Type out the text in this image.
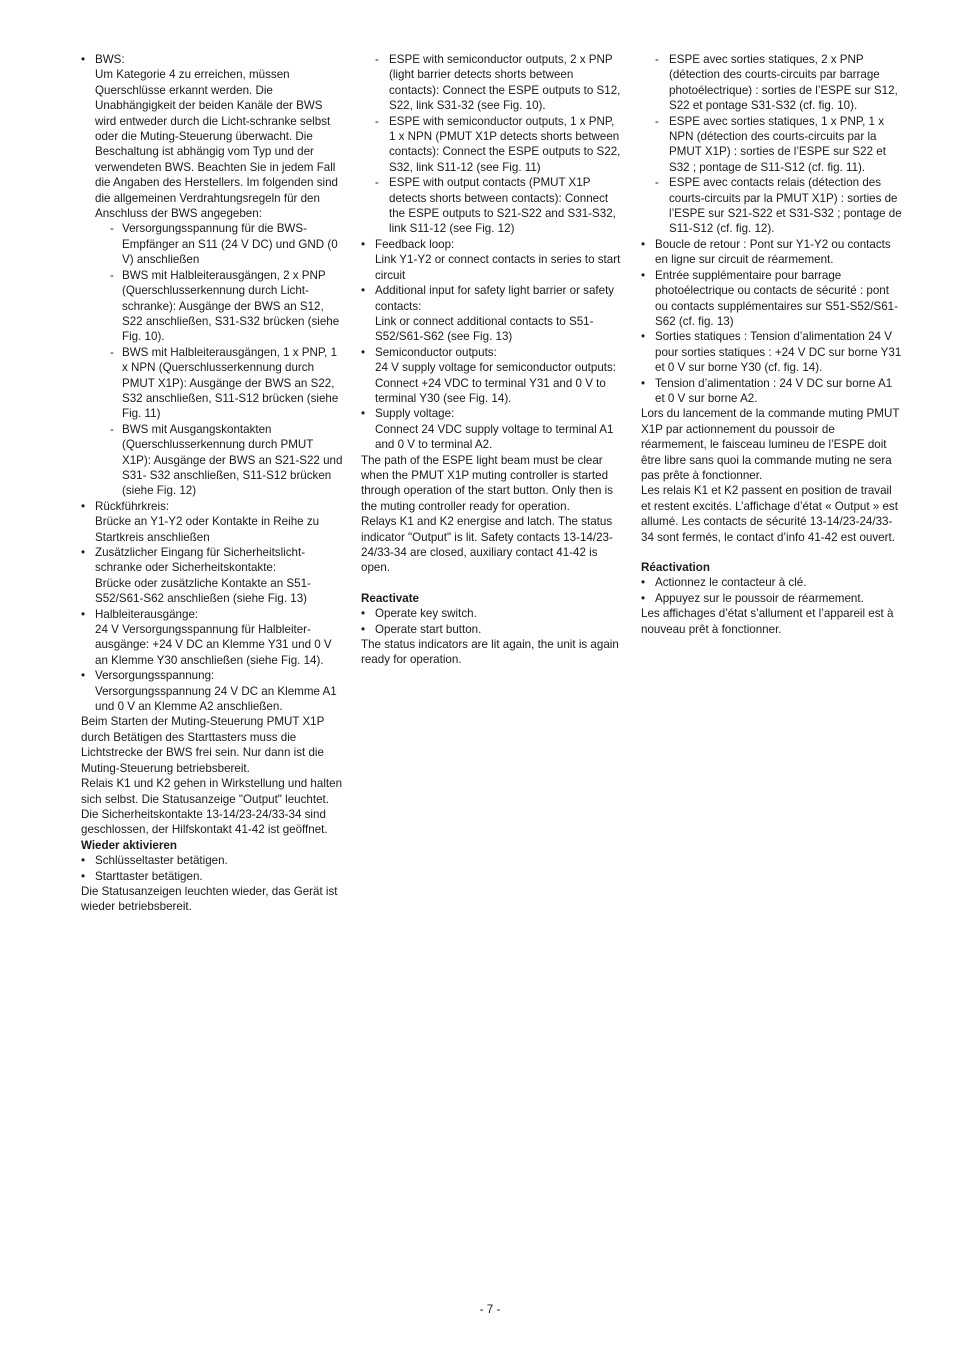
• BWS:

Um Kategorie 4 zu erreichen, müssen Querschlüsse erkannt werden. Die Unabhängigkeit der beiden Kanäle der BWS wird entweder durch die Licht-schranke selbst oder die Muting-Steuerung überwacht. Die Beschaltung ist abhängig vom Typ und der verwendeten BWS. Beachten Sie in jedem Fall die Angaben des Herstellers. Im folgenden sind die allgemeinen Verdrahtungsregeln für den Anschluss der BWS angegeben:

- Versorgungsspannung für die BWS-Empfänger an S11 (24 V DC) und GND (0 V) anschließen

- BWS mit Halbleiterausgängen, 2 x PNP (Querschlusserkennung durch Licht-schranke): Ausgänge der BWS an S12, S22 anschließen, S31-S32 brücken (siehe Fig. 10).

- BWS mit Halbleiterausgängen, 1 x PNP, 1 x NPN (Querschlusserkennung durch PMUT X1P): Ausgänge der BWS an S22, S32 anschließen, S11-S12 brücken (siehe Fig. 11)

- BWS mit Ausgangskontakten (Querschlusserkennung durch PMUT X1P): Ausgänge der BWS an S21-S22 und S31- S32 anschließen, S11-S12 brücken (siehe Fig. 12)

• Rückführkreis:

Brücke an Y1-Y2 oder Kontakte in Reihe zu Startkreis anschließen

• Zusätzlicher Eingang für Sicherheitslicht-schranke oder Sicherheitskontakte:

Brücke oder zusätzliche Kontakte an S51-S52/S61-S62 anschließen (siehe Fig. 13)

• Halbleiterausgänge:

24 V Versorgungsspannung für Halbleiter-ausgänge: +24 V DC an Klemme Y31 und 0 V an Klemme Y30 anschließen (siehe Fig. 14).

• Versorgungsspannung:

Versorgungsspannung 24 V DC an Klemme A1 und 0 V an Klemme A2 anschließen.

Beim Starten der Muting-Steuerung PMUT X1P durch Betätigen des Starttasters muss die Lichtstrecke der BWS frei sein. Nur dann ist die Muting-Steuerung betriebsbereit.

Relais K1 und K2 gehen in Wirkstellung und halten sich selbst. Die Statusanzeige "Output" leuchtet. Die Sicherheitskontakte 13-14/23-24/33-34 sind geschlossen, der Hilfskontakt 41-42 ist geöffnet.

Wieder aktivieren

• Schlüsseltaster betätigen.

• Starttaster betätigen.

Die Statusanzeigen leuchten wieder, das Gerät ist wieder betriebsbereit.

- ESPE with semiconductor outputs, 2 x PNP (light barrier detects shorts between contacts): Connect the ESPE outputs to S12, S22, link S31-32 (see Fig. 10).

- ESPE with semiconductor outputs, 1 x PNP, 1 x NPN (PMUT X1P detects shorts between contacts): Connect the ESPE outputs to S22, S32, link S11-12 (see Fig. 11)

- ESPE with output contacts (PMUT X1P detects shorts between contacts): Connect the ESPE outputs to S21-S22 and S31-S32, link S11-12 (see Fig. 12)

• Feedback loop:

Link Y1-Y2 or connect contacts in series to start circuit

• Additional input for safety light barrier or safety contacts:

Link or connect additional contacts to S51-S52/S61-S62 (see Fig. 13)

• Semiconductor outputs:

24 V supply voltage for semiconductor outputs: Connect +24 VDC to terminal Y31 and 0 V to terminal Y30 (see Fig. 14).

• Supply voltage:

Connect 24 VDC supply voltage to terminal A1 and 0 V to terminal A2.

The path of the ESPE light beam must be clear when the PMUT X1P muting controller is started through operation of the start button. Only then is the muting controller ready for operation.

Relays K1 and K2 energise and latch. The status indicator "Output" is lit. Safety contacts 13-14/23-24/33-34 are closed, auxiliary contact 41-42 is open.

Reactivate

• Operate key switch.

• Operate start button.

The status indicators are lit again, the unit is again ready for operation.

- ESPE avec sorties statiques, 2 x PNP (détection des courts-circuits par barrage photoélectrique) : sorties de l’ESPE sur S12, S22 et pontage S31-S32 (cf. fig. 10).

- ESPE avec sorties statiques, 1 x PNP, 1 x NPN (détection des courts-circuits par la PMUT X1P) : sorties de l’ESPE sur S22 et S32 ; pontage de S11-S12 (cf. fig. 11).

- ESPE avec contacts relais (détection des courts-circuits par la PMUT X1P) : sorties de l’ESPE sur S21-S22 et S31-S32 ; pontage de S11-S12 (cf. fig. 12).

• Boucle de retour : Pont sur Y1-Y2 ou contacts en ligne sur circuit de réarmement.

• Entrée supplémentaire pour barrage photoélectrique ou contacts de sécurité : pont ou contacts supplémentaires sur S51-S52/S61-S62 (cf. fig. 13)

• Sorties statiques : Tension d’alimentation 24 V pour sorties statiques : +24 V DC sur borne Y31 et 0 V sur borne Y30 (cf. fig. 14).

• Tension d’alimentation : 24 V DC sur borne A1 et 0 V sur borne A2.

Lors du lancement de la commande muting PMUT X1P par actionnement du poussoir de réarmement, le faisceau lumineu de l’ESPE doit être libre sans quoi la commande muting ne sera pas prête à fonctionner.

Les relais K1 et K2 passent en position de travail et restent excités. L’affichage d’état « Output » est allumé. Les contacts de sécurité 13-14/23-24/33-34 sont fermés, le contact d’info 41-42 est ouvert.

Réactivation

• Actionnez le contacteur à clé.

• Appuyez sur le poussoir de réarmement.

Les affichages d’état s’allument et l’appareil est à nouveau prêt à fonctionner.

- 7 -
